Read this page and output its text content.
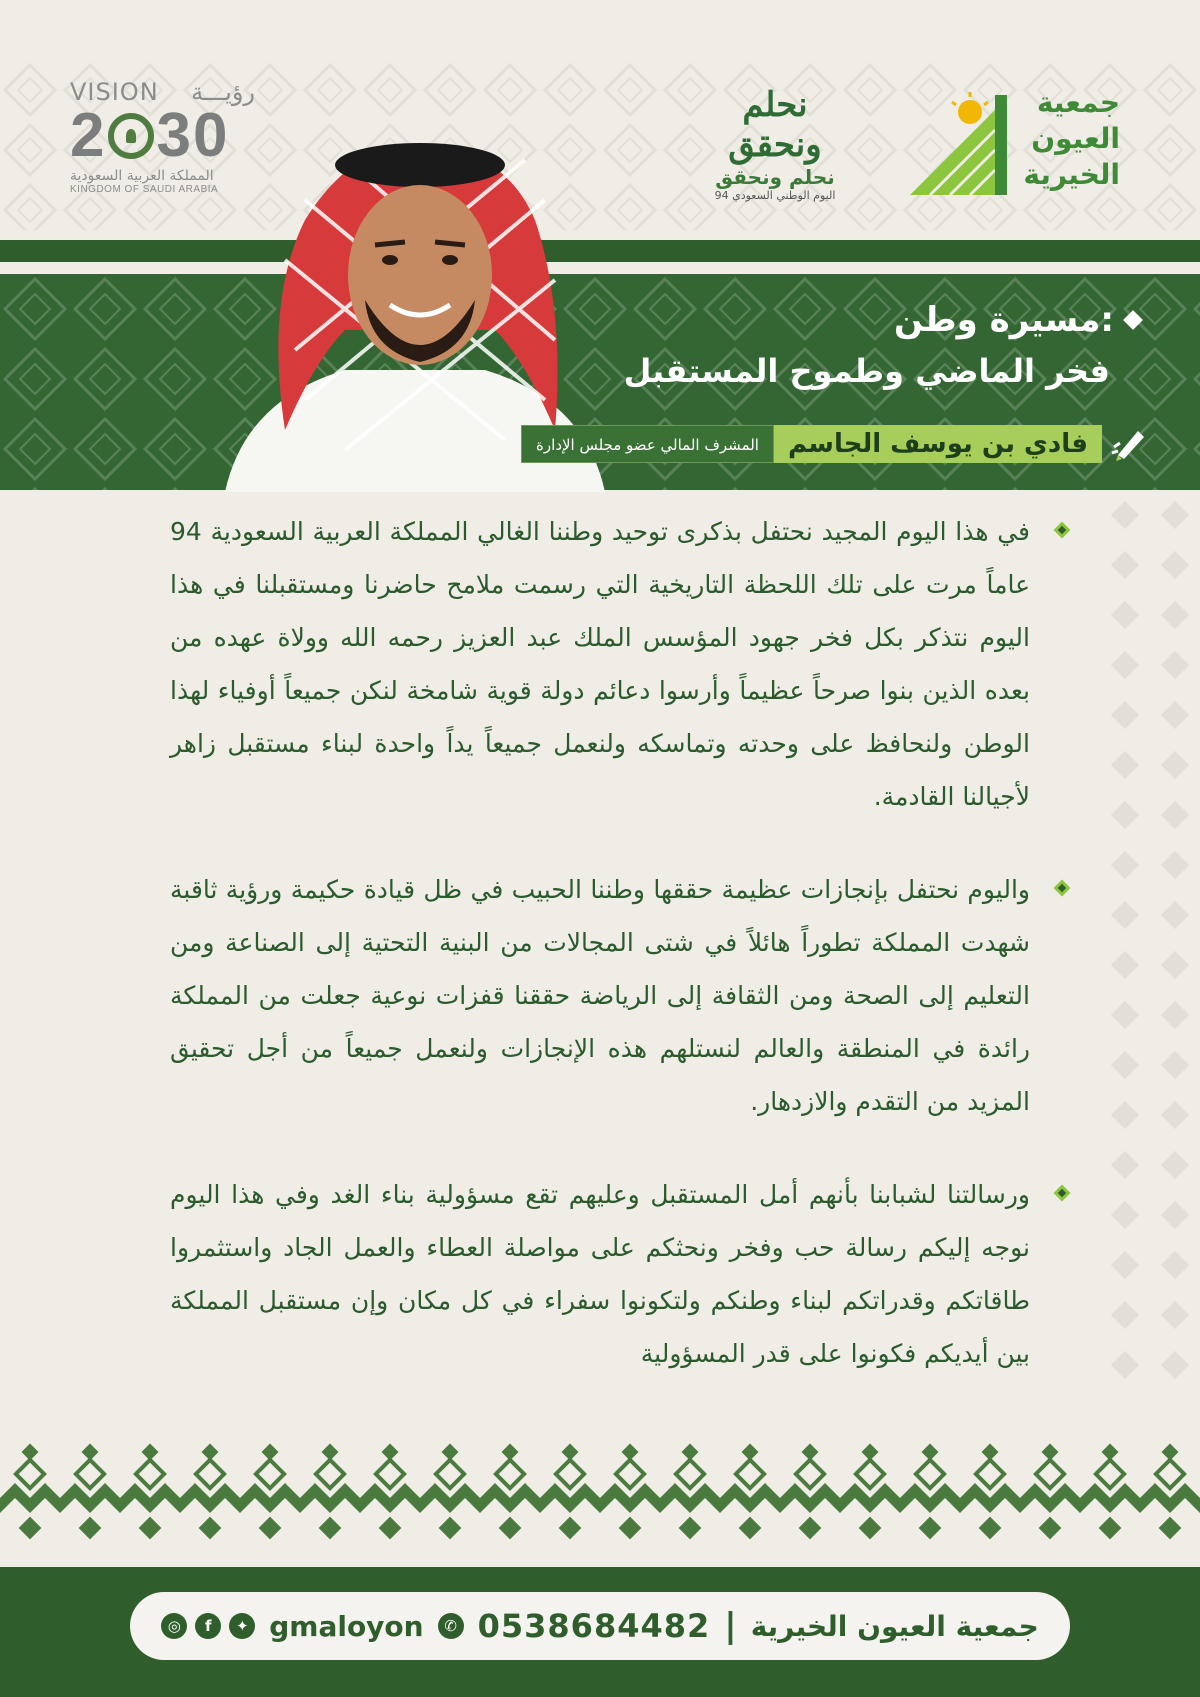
VISION رؤيـــة
2 30
المملكة العربية السعودية
KINGDOM OF SAUDI ARABIA
نحلم ونحقق
نحلم ونحقق
اليوم الوطني السعودي 94
جمعية
العيون
الخيرية
مسيرة وطن:
فخر الماضي وطموح المستقبل
فادي بن يوسف الجاسم
المشرف المالي عضو مجلس الإدارة

في هذا اليوم المجيد نحتفل بذكرى توحيد وطننا الغالي المملكة العربية السعودية 94 عاماً مرت على تلك اللحظة التاريخية التي رسمت ملامح حاضرنا ومستقبلنا في هذا اليوم نتذكر بكل فخر جهود المؤسس الملك عبد العزيز رحمه الله وولاة عهده من بعده الذين بنوا صرحاً عظيماً وأرسوا دعائم دولة قوية شامخة لنكن جميعاً أوفياء لهذا الوطن ولنحافظ على وحدته وتماسكه ولنعمل جميعاً يداً واحدة لبناء مستقبل زاهر لأجيالنا القادمة.

واليوم نحتفل بإنجازات عظيمة حققها وطننا الحبيب في ظل قيادة حكيمة ورؤية ثاقبة شهدت المملكة تطوراً هائلاً في شتى المجالات من البنية التحتية إلى الصناعة ومن التعليم إلى الصحة ومن الثقافة إلى الرياضة حققنا قفزات نوعية جعلت من المملكة رائدة في المنطقة والعالم لنستلهم هذه الإنجازات ولنعمل جميعاً من أجل تحقيق المزيد من التقدم والازدهار.

ورسالتنا لشبابنا بأنهم أمل المستقبل وعليهم تقع مسؤولية بناء الغد وفي هذا اليوم نوجه إليكم رسالة حب وفخر ونحثكم على مواصلة العطاء والعمل الجاد واستثمروا طاقاتكم وقدراتكم لبناء وطنكم ولتكونوا سفراء في كل مكان وإن مستقبل المملكة بين أيديكم فكونوا على قدر المسؤولية

جمعية العيون الخيرية
|
0538684482
✆
gmaloyon
◎	f	✦
